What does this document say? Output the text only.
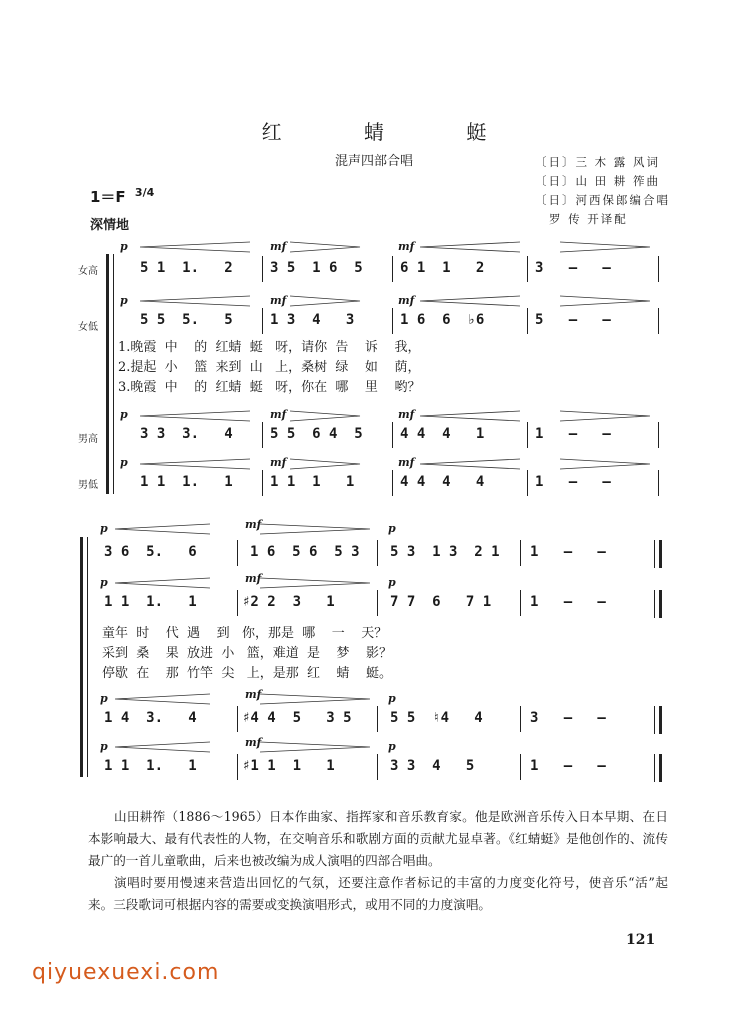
红 蜻 蜓
混声四部合唱	〔日〕三 木 露 风词
〔日〕山 田 耕 筰曲
〔日〕河西保郎编合唱
罗 传 开译配
1＝F $^{3/4}$
深情地
女高
女低
男高
男低
p	mf	mf
p	mf	mf
p	mf	mf
p	mf	mf
5 1  1.   2	3 5  1 6  5	6 1  1   2	3   –   –
5 5  5.   5	1 3  4   3	1 6  6  ♭6	5   –   –
1.晚霞  中    的  红蜻  蜓   呀，请你  告    诉    我，
2.提起  小    篮  来到  山   上，桑树  绿    如    荫，
3.晚霞  中    的  红蜻  蜓   呀，你在  哪    里    哟？
3 3  3.   4	5 5  6 4  5	4 4  4   1	1   –   –
1 1  1.   1	1 1  1   1	4 4  4   4	1   –   –
p	mf	p
p	mf	p
p	mf	p
p	mf	p
3 6  5.   6	1 6  5 6  5 3 5 3  1 3  2 1 1   –   –
1 1  1.   1	♯2 2  3   1	7 7  6   7 1	1   –   –
童年  时    代  遇    到   你，那是  哪    一    天？
采到  桑    果  放进  小   篮，难道  是    梦    影？
停歇  在    那  竹竿  尖   上，是那  红    蜻    蜓。
1 4  3.   4	♯4 4  5   3 5	5 5  ♮4   4	3   –   –
1 1  1.   1	♯1 1  1   1	3 3  4   5	1   –   –

山田耕筰（1886～1965）日本作曲家、指挥家和音乐教育家。他是欧洲音乐传入日本早期、在日本影响最大、最有代表性的人物，在交响音乐和歌剧方面的贡献尤显卓著。《红蜻蜓》是他创作的、流传最广的一首儿童歌曲，后来也被改编为成人演唱的四部合唱曲。

演唱时要用慢速来营造出回忆的气氛，还要注意作者标记的丰富的力度变化符号，使音乐“活”起来。三段歌词可根据内容的需要或变换演唱形式，或用不同的力度演唱。

121
qiyuexuexi.com
